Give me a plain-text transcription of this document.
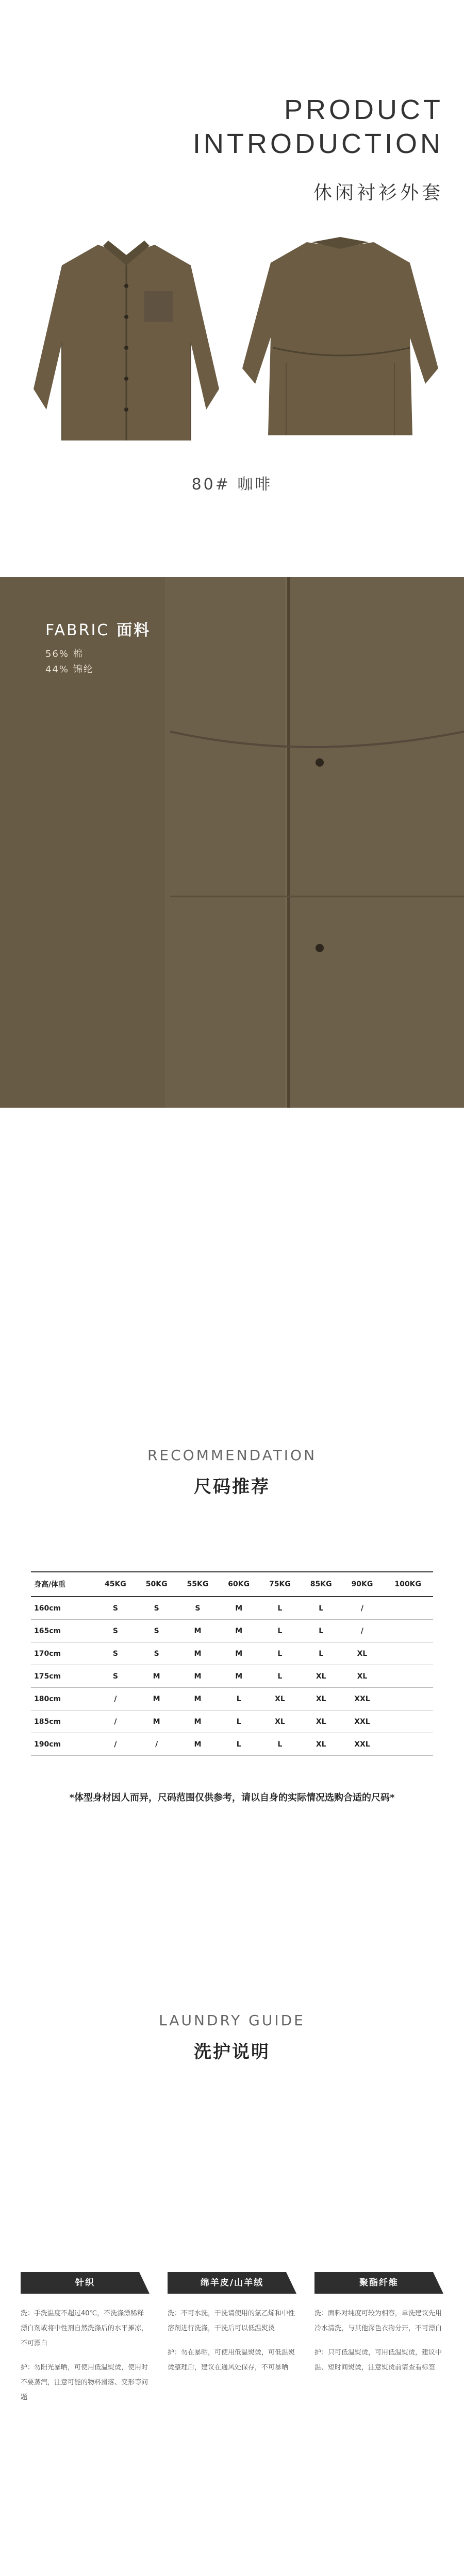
PRODUCT
INTRODUCTION
休闲衬衫外套
80# 咖啡
FABRIC 面料
56% 棉
44% 锦纶
RECOMMENDATION
尺码推荐
身高/体重	45KG	50KG	55KG	60KG	75KG	85KG	90KG	100KG
160cm	S	S	S	M	L	L	/	
165cm	S	S	M	M	L	L	/	
170cm	S	S	M	M	L	L	XL	
175cm	S	M	M	M	L	XL	XL	
180cm	/	M	M	L	XL	XL	XXL	
185cm	/	M	M	L	XL	XL	XXL	
190cm	/	/	M	L	L	XL	XXL	
*体型身材因人而异，尺码范围仅供参考，请以自身的实际情况选购合适的尺码*
LAUNDRY GUIDE
洗护说明
针织

洗：手洗温度不超过40℃，不洗涤漂稀释漂白剂或将中性剂自然洗涤后的水平摊凉，不可漂白

护：勿阳光暴晒，可使用低温熨烫，使用时不要蒸汽，注意可能的物料滑落、变形等问题

绵羊皮/山羊绒

洗：不可水洗，干洗请使用的氯乙烯和中性溶剂进行洗涤，干洗后可以低温熨烫

护：勿在暴晒，可使用低温熨烫，可低温熨烫整理后，建议在通风处保存，不可暴晒

聚酯纤维

洗：面料对纯度可较为相容，单洗建议先用冷水清洗，与其他深色衣物分开，不可漂白

护：只可低温熨烫，可用低温熨烫，建议中温、短时间熨烫，注意熨烫前请查看标签
